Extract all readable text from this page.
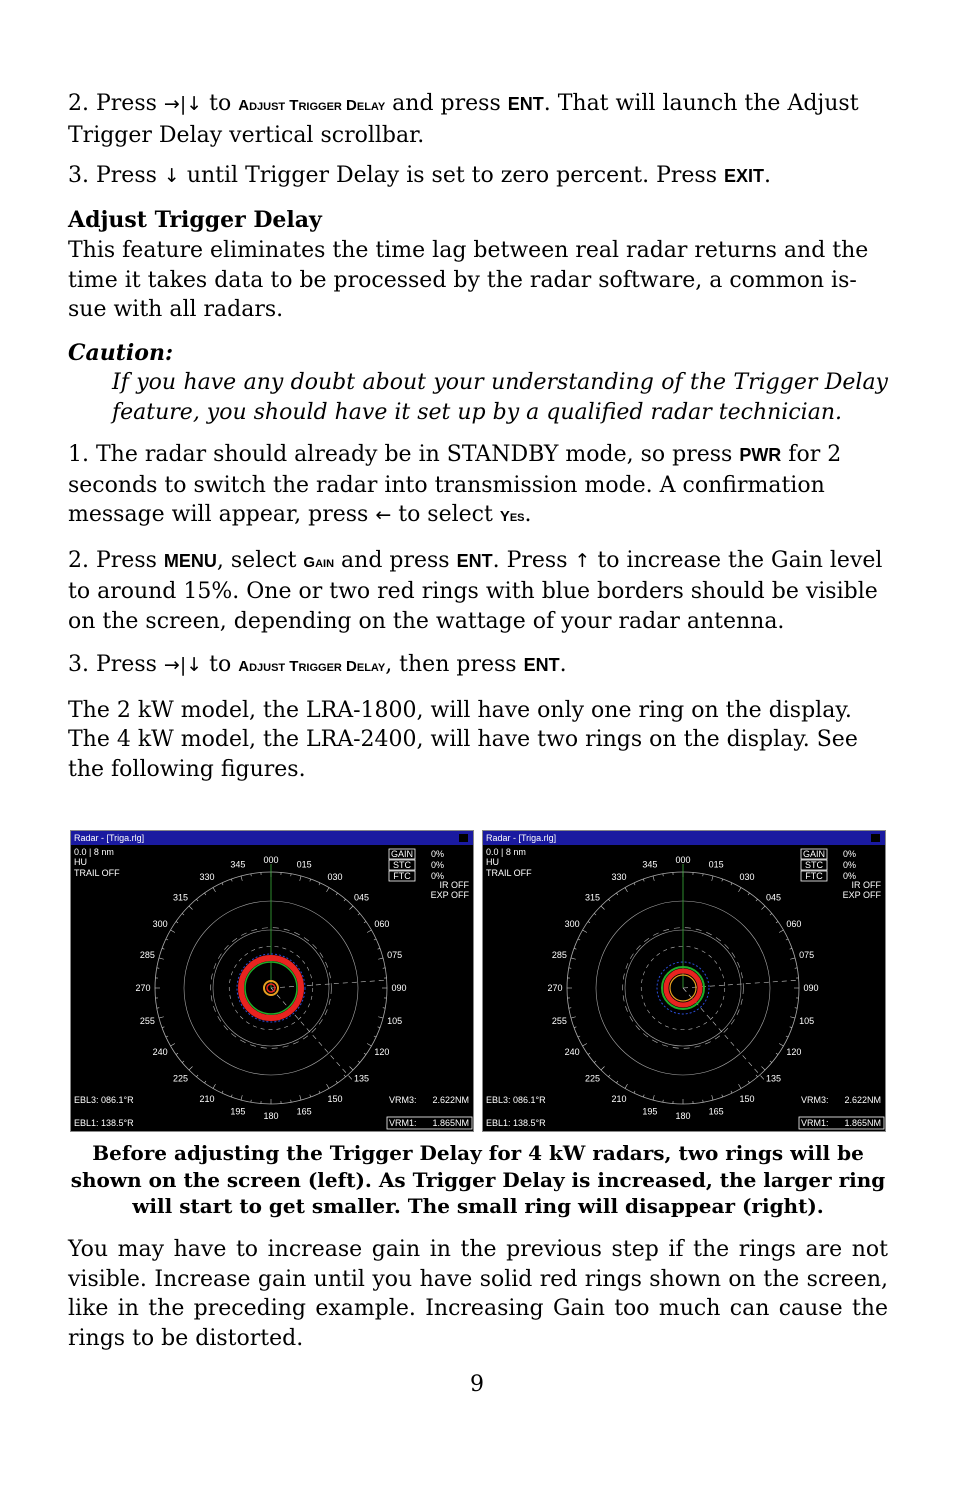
2. Press →|↓ to Adjust Trigger Delay and press ENT. That will launch the Adjust Trigger Delay vertical scrollbar.

3. Press ↓ until Trigger Delay is set to zero percent. Press EXIT.

Adjust Trigger Delay

This feature eliminates the time lag between real radar returns and the time it takes data to be processed by the radar software, a common is-sue with all radars.

Caution:

If you have any doubt about your understanding of the Trigger Delay feature, you should have it set up by a qualified radar technician.

1. The radar should already be in STANDBY mode, so press PWR for 2 seconds to switch the radar into transmission mode. A confirmation message will appear, press ← to select Yes.

2. Press MENU, select Gain and press ENT. Press ↑ to increase the Gain level to around 15%. One or two red rings with blue borders should be visible on the screen, depending on the wattage of your radar antenna.

3. Press →|↓ to Adjust Trigger Delay, then press ENT.

The 2 kW model, the LRA-1800, will have only one ring on the display. The 4 kW model, the LRA-2400, will have two rings on the display. See the following figures.

Radar - [Triga.rlg]
0.0 | 8 nm
HU
TRAIL OFF
GAIN 0%
STC 0%
FTC 0%
IR OFF
EXP OFF
EBL3: 086.1°R
EBL1: 138.5°R
VRM3: 2.622NM
VRM1: 1.865NM
000 015
030
045
060
075
090
105
120
135
150
165
180
195
210
225
240
255
270
285
300
315
330
345
Radar - [Triga.rlg]
0.0 | 8 nm
HU
TRAIL OFF
GAIN 0%
STC 0%
FTC 0%
IR OFF
EXP OFF
EBL3: 086.1°R
EBL1: 138.5°R
VRM3: 2.622NM
VRM1: 1.865NM
000 015
030
045
060
075
090
105
120
135
150
165
180
195
210
225
240
255
270
285
300
315
330
345

Before adjusting the Trigger Delay for 4 kW radars, two rings will be shown on the screen (left). As Trigger Delay is increased, the larger ring will start to get smaller. The small ring will disappear (right).

You may have to increase gain in the previous step if the rings are not visible. Increase gain until you have solid red rings shown on the screen, like in the preceding example. Increasing Gain too much can cause the rings to be distorted.

9
